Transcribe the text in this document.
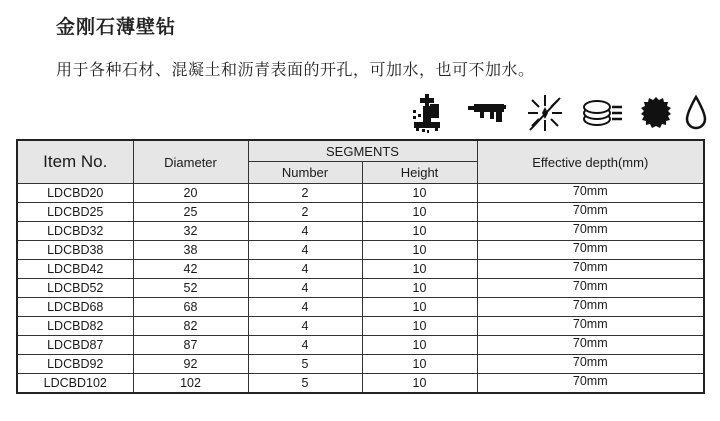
金刚石薄壁钻
用于各种石材、混凝土和沥青表面的开孔，可加水，也可不加水。
Item No.	Diameter	SEGMENTS		Effective depth(mm)
		Number	Height	
LDCBD20	20	2	10	70mm
LDCBD25	25	2	10	70mm
LDCBD32	32	4	10	70mm
LDCBD38	38	4	10	70mm
LDCBD42	42	4	10	70mm
LDCBD52	52	4	10	70mm
LDCBD68	68	4	10	70mm
LDCBD82	82	4	10	70mm
LDCBD87	87	4	10	70mm
LDCBD92	92	5	10	70mm
LDCBD102	102	5	10	70mm
